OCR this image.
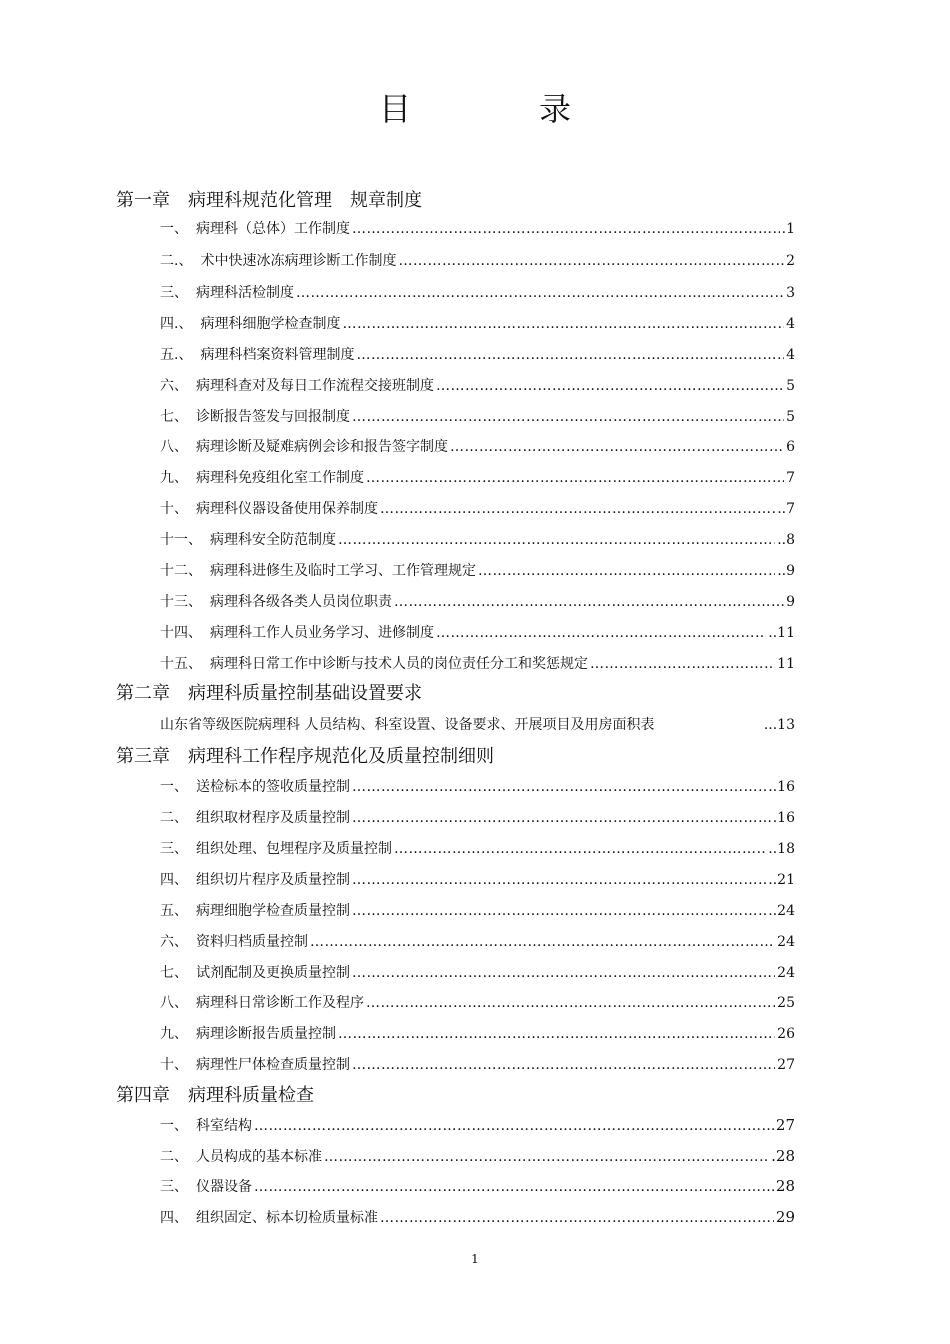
目　录
第一章 病理科规范化管理　规章制度
一、 病理科（总体）工作制度 ……………………………………………………………………………………………………………………………………………………………………………………………………………	.1
二.、 术中快速冰冻病理诊断工作制度 ……………………………………………………………………………………………………………………………………………………………………………………………………………	2
三、 病理科活检制度 ……………………………………………………………………………………………………………………………………………………………………………………………………………	3
四.、 病理科细胞学检查制度 ……………………………………………………………………………………………………………………………………………………………………………………………………………	4
五.、 病理科档案资料管理制度 ……………………………………………………………………………………………………………………………………………………………………………………………………………	4
六、 病理科查对及每日工作流程交接班制度 ……………………………………………………………………………………………………………………………………………………………………………………………………………	5
七、 诊断报告签发与回报制度 ……………………………………………………………………………………………………………………………………………………………………………………………………………	5
八、 病理诊断及疑难病例会诊和报告签字制度 ……………………………………………………………………………………………………………………………………………………………………………………………………………	6
九、 病理科免疫组化室工作制度 ……………………………………………………………………………………………………………………………………………………………………………………………………………	7
十、 病理科仪器设备使用保养制度 ……………………………………………………………………………………………………………………………………………………………………………………………………………	..7
十一、 病理科安全防范制度 ……………………………………………………………………………………………………………………………………………………………………………………………………………	..8
十二、 病理科进修生及临时工学习、工作管理规定 ……………………………………………………………………………………………………………………………………………………………………………………………………………	..9
十三、 病理科各级各类人员岗位职责 ……………………………………………………………………………………………………………………………………………………………………………………………………………	9
十四、 病理科工作人员业务学习、进修制度 ……………………………………………………………………………………………………………………………………………………………………………………………………………	..11
十五、 病理科日常工作中诊断与技术人员的岗位责任分工和奖惩规定 ……………………………………………………………………………………………………………………………………………………………………………………………………………	11
第二章 病理科质量控制基础设置要求
山东省等级医院病理科 人员结构、科室设置、设备要求、开展项目及用房面积表	...13
第三章 病理科工作程序规范化及质量控制细则
一、 送检标本的签收质量控制 ……………………………………………………………………………………………………………………………………………………………………………………………………………	..16
二、 组织取材程序及质量控制 ……………………………………………………………………………………………………………………………………………………………………………………………………………	.16
三、 组织处理、包埋程序及质量控制 ……………………………………………………………………………………………………………………………………………………………………………………………………………	..18
四、 组织切片程序及质量控制 ……………………………………………………………………………………………………………………………………………………………………………………………………………	..21
五、 病理细胞学检查质量控制 ……………………………………………………………………………………………………………………………………………………………………………………………………………	..24
六、 资料归档质量控制 ……………………………………………………………………………………………………………………………………………………………………………………………………………	24
七、 试剂配制及更换质量控制 ……………………………………………………………………………………………………………………………………………………………………………………………………………	24
八、 病理科日常诊断工作及程序 ……………………………………………………………………………………………………………………………………………………………………………………………………………	25
九、 病理诊断报告质量控制 ……………………………………………………………………………………………………………………………………………………………………………………………………………	26
十、 病理性尸体检查质量控制 ……………………………………………………………………………………………………………………………………………………………………………………………………………	27
第四章 病理科质量检查
一、 科室结构 ……………………………………………………………………………………………………………………………………………………………………………………………………………	27
二、 人员构成的基本标准 ……………………………………………………………………………………………………………………………………………………………………………………………………………	.28
三、 仪器设备 ……………………………………………………………………………………………………………………………………………………………………………………………………………	28
四、 组织固定、标本切检质量标准 ……………………………………………………………………………………………………………………………………………………………………………………………………………	29
1
